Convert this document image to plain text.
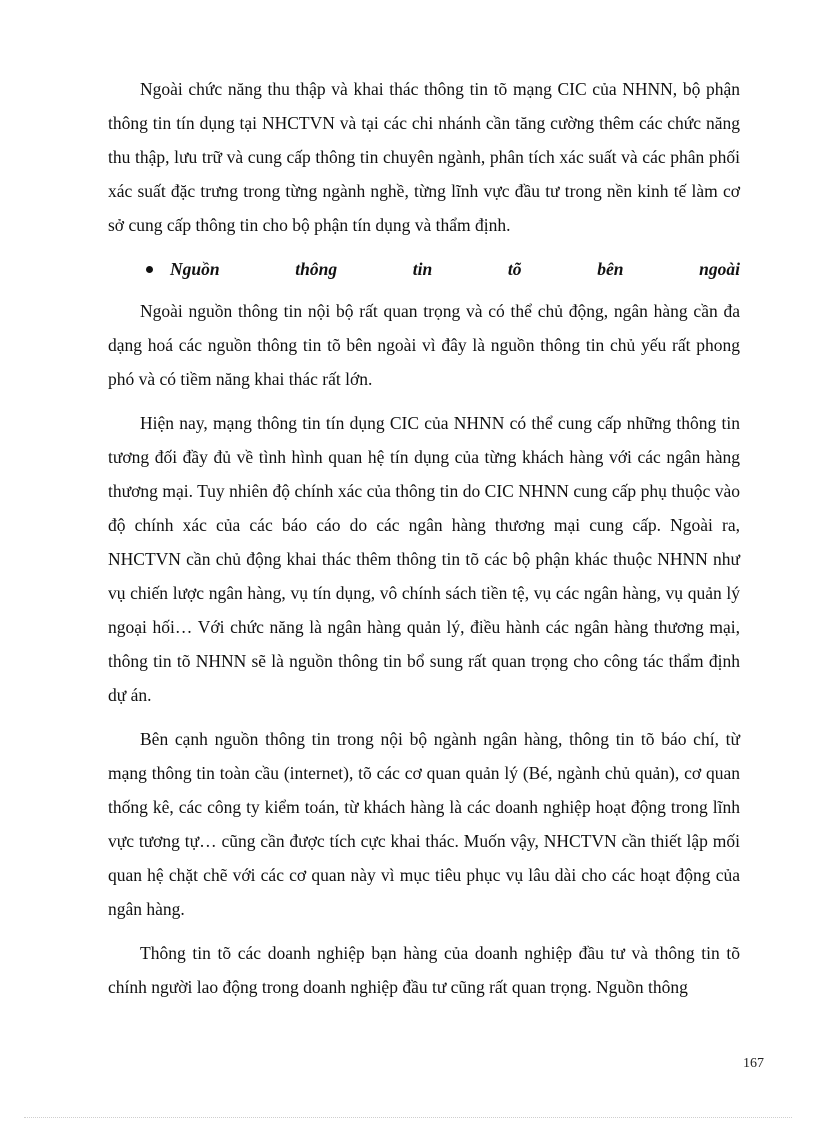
Ngoài chức năng thu thập và khai thác thông tin tõ mạng CIC của NHNN, bộ phận thông tin tín dụng tại NHCTVN và tại các chi nhánh cần tăng cường thêm các chức năng thu thập, lưu trữ và cung cấp thông tin chuyên ngành, phân tích xác suất và các phân phối xác suất đặc trưng trong từng ngành nghề, từng lĩnh vực đầu tư trong nền kinh tế làm cơ sở cung cấp thông tin cho bộ phận tín dụng và thẩm định.

Nguồn	thông	tin	tõ	bên	ngoài

Ngoài nguồn thông tin nội bộ rất quan trọng và có thể chủ động, ngân hàng cần đa dạng hoá các nguồn thông tin tõ bên ngoài vì đây là nguồn thông tin chủ yếu rất phong phó và có tiềm năng khai thác rất lớn.

Hiện nay, mạng thông tin tín dụng CIC của NHNN có thể cung cấp những thông tin tương đối đầy đủ về tình hình quan hệ tín dụng của từng khách hàng với các ngân hàng thương mại. Tuy nhiên độ chính xác của thông tin do CIC NHNN cung cấp phụ thuộc vào độ chính xác của các báo cáo do các ngân hàng thương mại cung cấp. Ngoài ra, NHCTVN cần chủ động khai thác thêm thông tin tõ các bộ phận khác thuộc NHNN như vụ chiến lược ngân hàng, vụ tín dụng, vô chính sách tiền tệ, vụ các ngân hàng, vụ quản lý ngoại hối… Với chức năng là ngân hàng quản lý, điều hành các ngân hàng thương mại, thông tin tõ NHNN sẽ là nguồn thông tin bổ sung rất quan trọng cho công tác thẩm định dự án.

Bên cạnh nguồn thông tin trong nội bộ ngành ngân hàng, thông tin tõ báo chí, từ mạng thông tin toàn cầu (internet), tõ các cơ quan quản lý (Bé, ngành chủ quản), cơ quan thống kê, các công ty kiểm toán, từ khách hàng là các doanh nghiệp hoạt động trong lĩnh vực tương tự… cũng cần được tích cực khai thác. Muốn vậy, NHCTVN cần thiết lập mối quan hệ chặt chẽ với các cơ quan này vì mục tiêu phục vụ lâu dài cho các hoạt động của ngân hàng.

Thông tin tõ các doanh nghiệp bạn hàng của doanh nghiệp đầu tư và thông tin tõ chính người lao động trong doanh nghiệp đầu tư cũng rất quan trọng. Nguồn thông

167
